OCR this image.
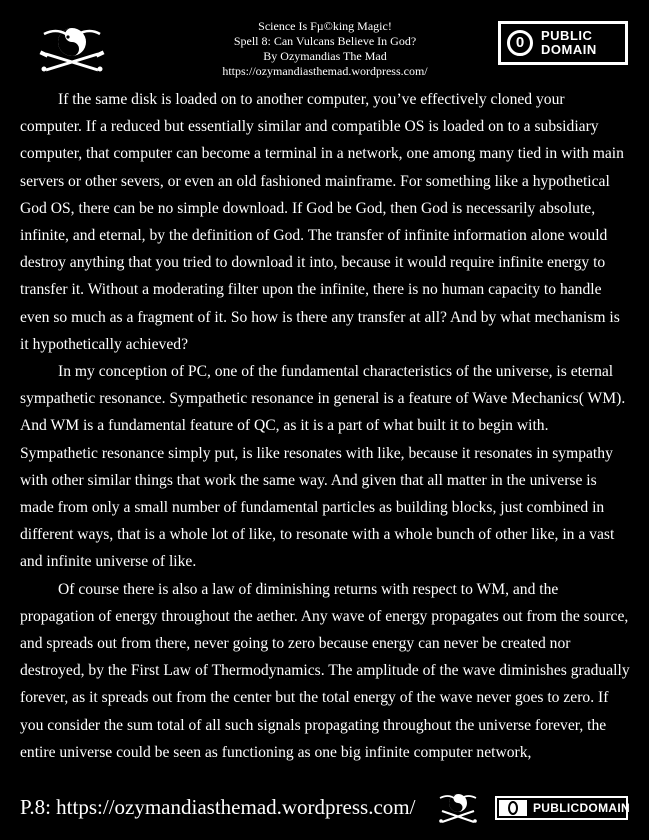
Science Is Fµ©king Magic!
Spell 8: Can Vulcans Believe In God?
By Ozymandias The Mad
https://ozymandiasthemad.wordpress.com/
0	PUBLIC
DOMAIN

If the same disk is loaded on to another computer, you’ve effectively cloned your computer. If a reduced but essentially similar and compatible OS is loaded on to a subsidiary computer, that computer can become a terminal in a network, one among many tied in with main servers or other severs, or even an old fashioned mainframe. For something like a hypothetical God OS, there can be no simple download. If God be God, then God is necessarily absolute, infinite, and eternal, by the definition of God. The transfer of infinite information alone would destroy anything that you tried to download it into, because it would require infinite energy to transfer it. Without a moderating filter upon the infinite, there is no human capacity to handle even so much as a fragment of it. So how is there any transfer at all? And by what mechanism is it hypothetically achieved?

In my conception of PC, one of the fundamental characteristics of the universe, is eternal sympathetic resonance. Sympathetic resonance in general is a feature of Wave Mechanics( WM). And WM is a fundamental feature of QC, as it is a part of what built it to begin with. Sympathetic resonance simply put, is like resonates with like, because it resonates in sympathy with other similar things that work the same way. And given that all matter in the universe is made from only a small number of fundamental particles as building blocks, just combined in different ways, that is a whole lot of like, to resonate with a whole bunch of other like, in a vast and infinite universe of like.

Of course there is also a law of diminishing returns with respect to WM, and the propagation of energy throughout the aether. Any wave of energy propagates out from the source, and spreads out from there, never going to zero because energy can never be created nor destroyed, by the First Law of Thermodynamics. The amplitude of the wave diminishes gradually forever, as it spreads out from the center but the total energy of the wave never goes to zero. If you consider the sum total of all such signals propagating throughout the universe forever, the entire universe could be seen as functioning as one big infinite computer network,

P.8: https://ozymandiasthemad.wordpress.com/	PUBLICDOMAIN
